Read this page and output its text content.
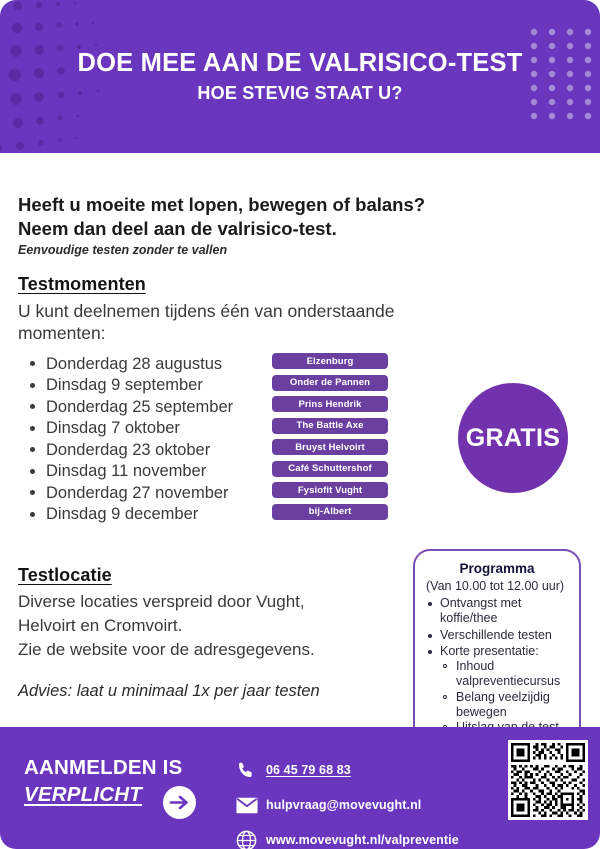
DOE MEE AAN DE VALRISICO-TEST
HOE STEVIG STAAT U?
Heeft u moeite met lopen, bewegen of balans?
Neem dan deel aan de valrisico-test.
Eenvoudige testen zonder te vallen
Testmomenten
U kunt deelnemen tijdens één van onderstaande momenten:
Donderdag 28 augustus
Dinsdag 9 september
Donderdag 25 september
Dinsdag 7 oktober
Donderdag 23 oktober
Dinsdag 11 november
Donderdag 27 november
Dinsdag 9 december
Elzenburg
Onder de Pannen
Prins Hendrik
The Battle Axe
Bruyst Helvoirt
Café Schuttershof
Fysiofit Vught
bij-Albert
GRATIS
Programma
(Van 10.00 tot 12.00 uur)
Ontvangst met koffie/thee
Verschillende testen
Korte presentatie:
Inhoud valpreventiecursus
Belang veelzijdig bewegen
Testlocatie
Diverse locaties verspreid door Vught,
Helvoirt en Cromvoirt.
Zie de website voor de adresgegevens.
Advies: laat u minimaal 1x per jaar testen
AANMELDEN IS
VERPLICHT
06 45 79 68 83
hulpvraag@movevught.nl
www.movevught.nl/valpreventie
